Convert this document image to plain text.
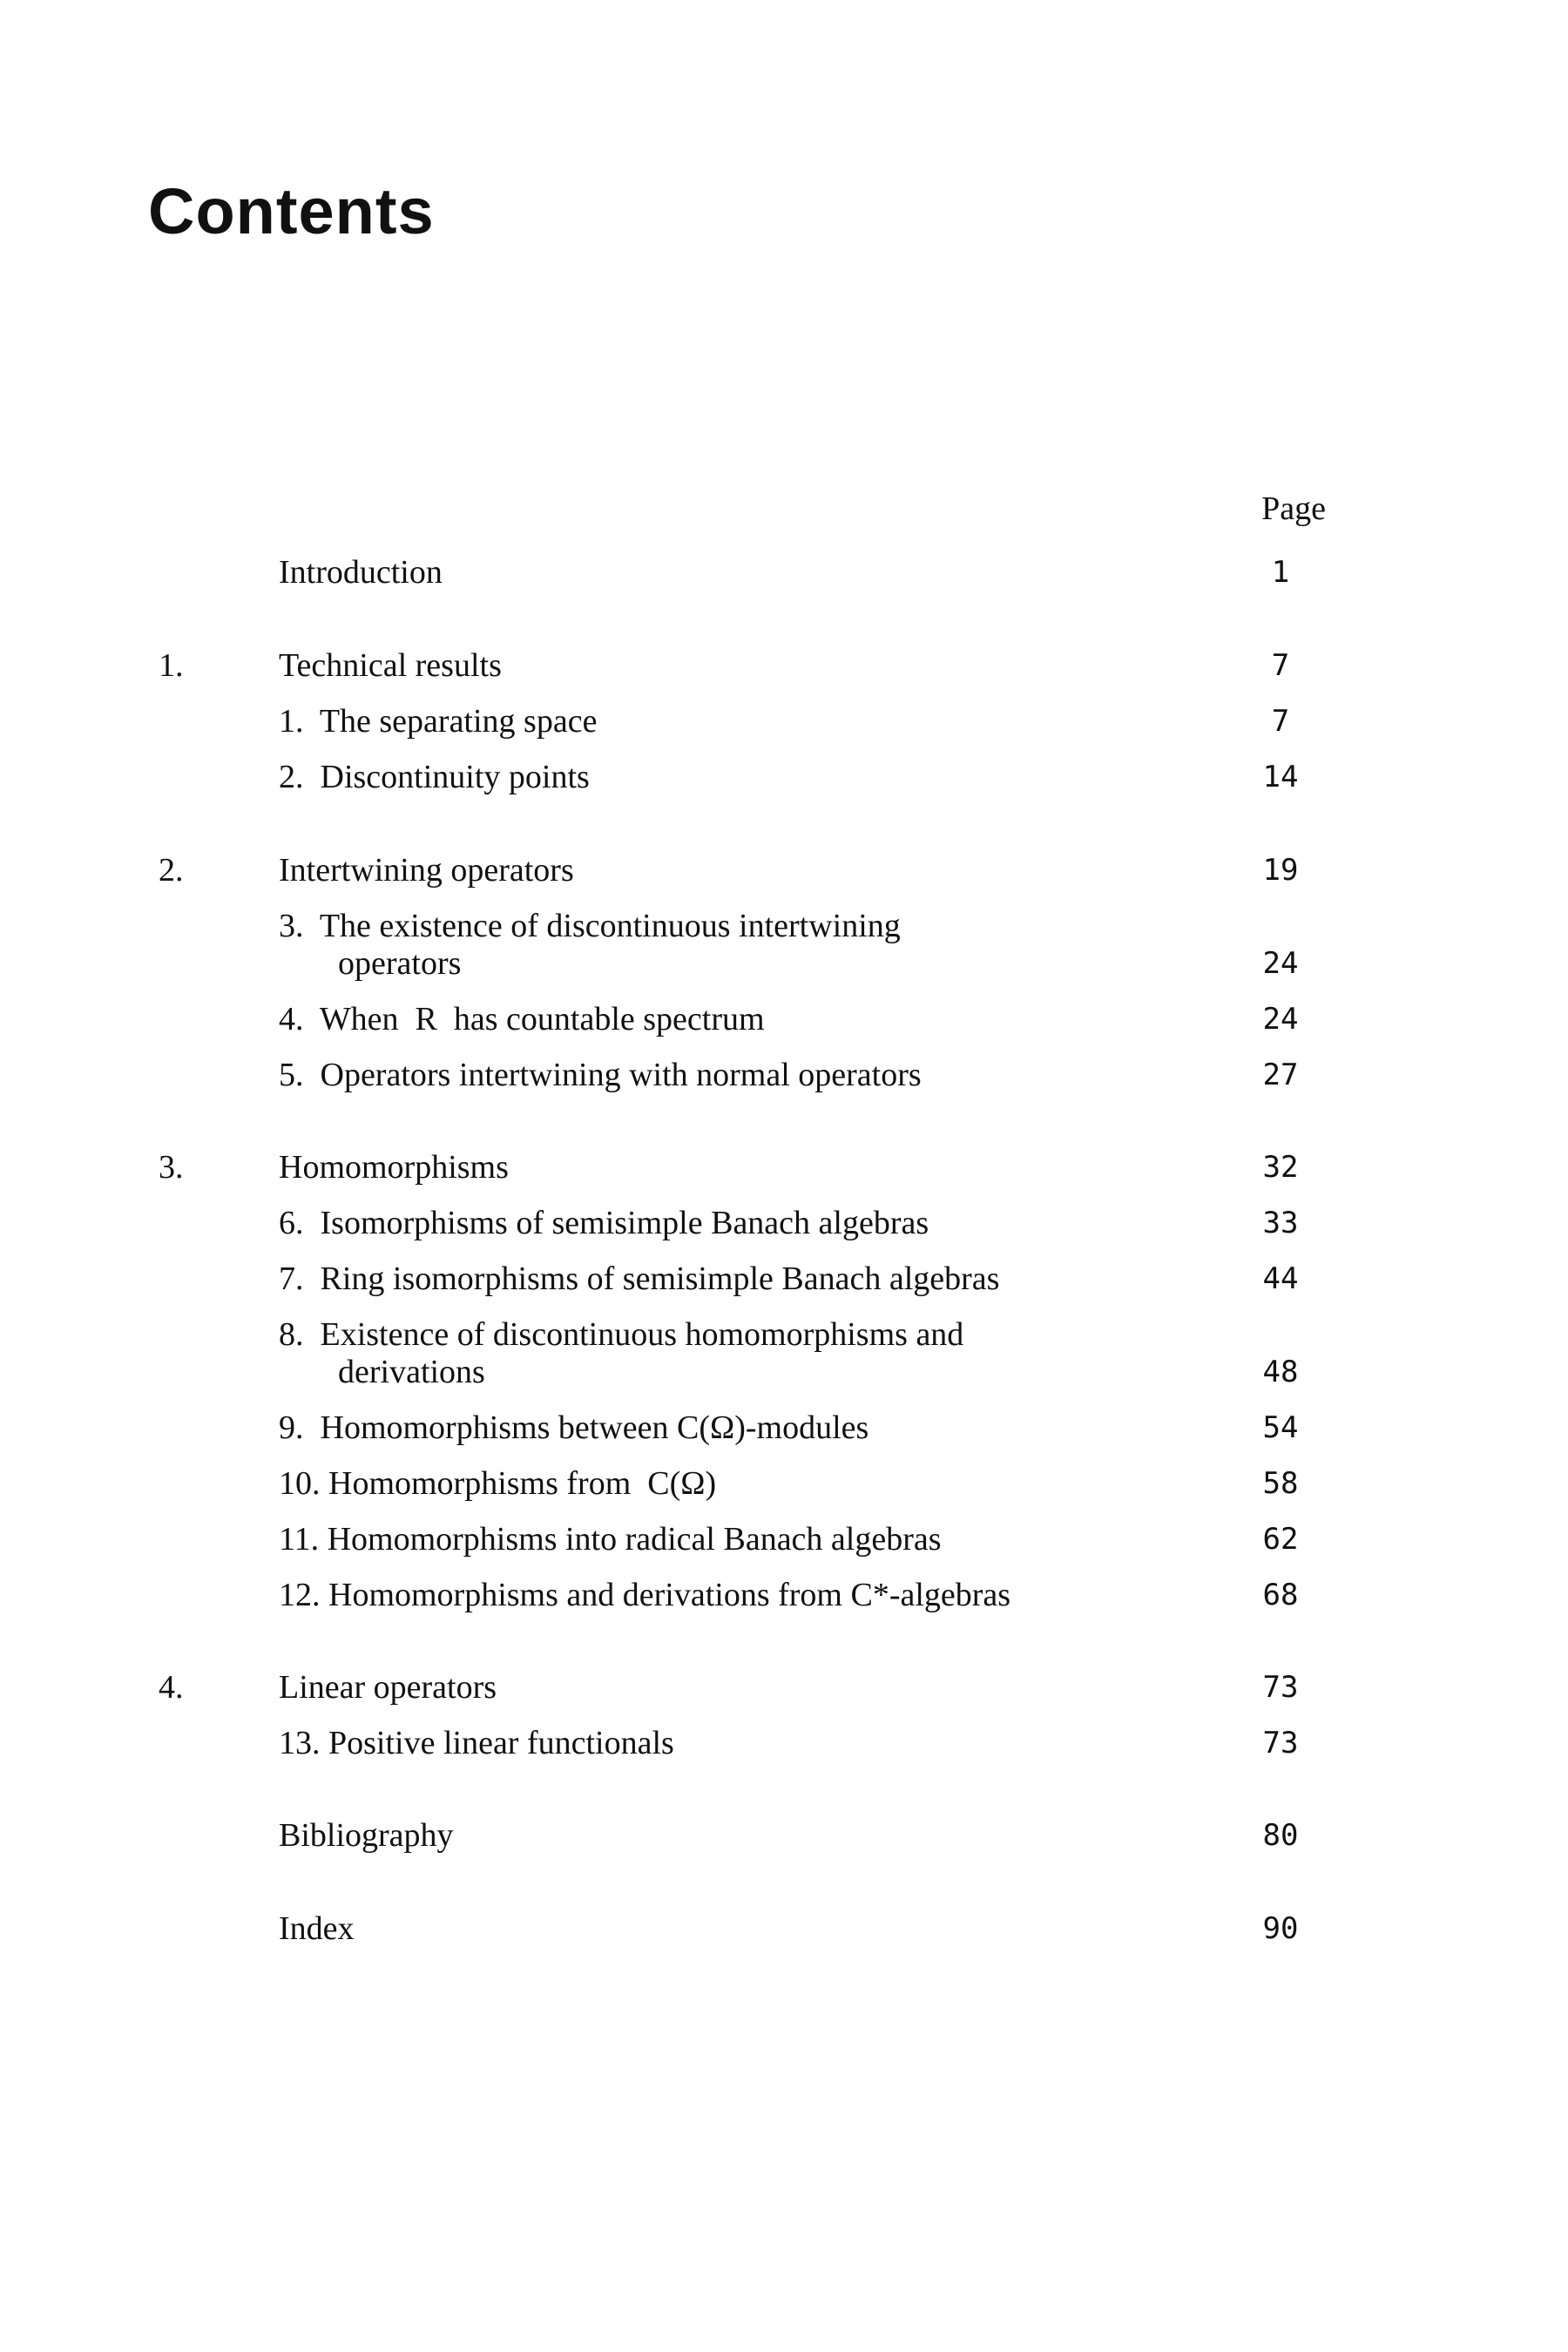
Contents
Page
Introduction	1
1.	Technical results	7
1.  The separating space	7
2.  Discontinuity points	14
2.	Intertwining operators	19
3.  The existence of discontinuous intertwining
operators	24
4.  When  R  has countable spectrum	24
5.  Operators intertwining with normal operators	27
3.	Homomorphisms	32
6.  Isomorphisms of semisimple Banach algebras	33
7.  Ring isomorphisms of semisimple Banach algebras	44
8.  Existence of discontinuous homomorphisms and
derivations	48
9.  Homomorphisms between C(Ω)-modules	54
10. Homomorphisms from  C(Ω)	58
11. Homomorphisms into radical Banach algebras	62
12. Homomorphisms and derivations from C*-algebras	68
4.	Linear operators	73
13. Positive linear functionals	73
Bibliography	80
Index	90
